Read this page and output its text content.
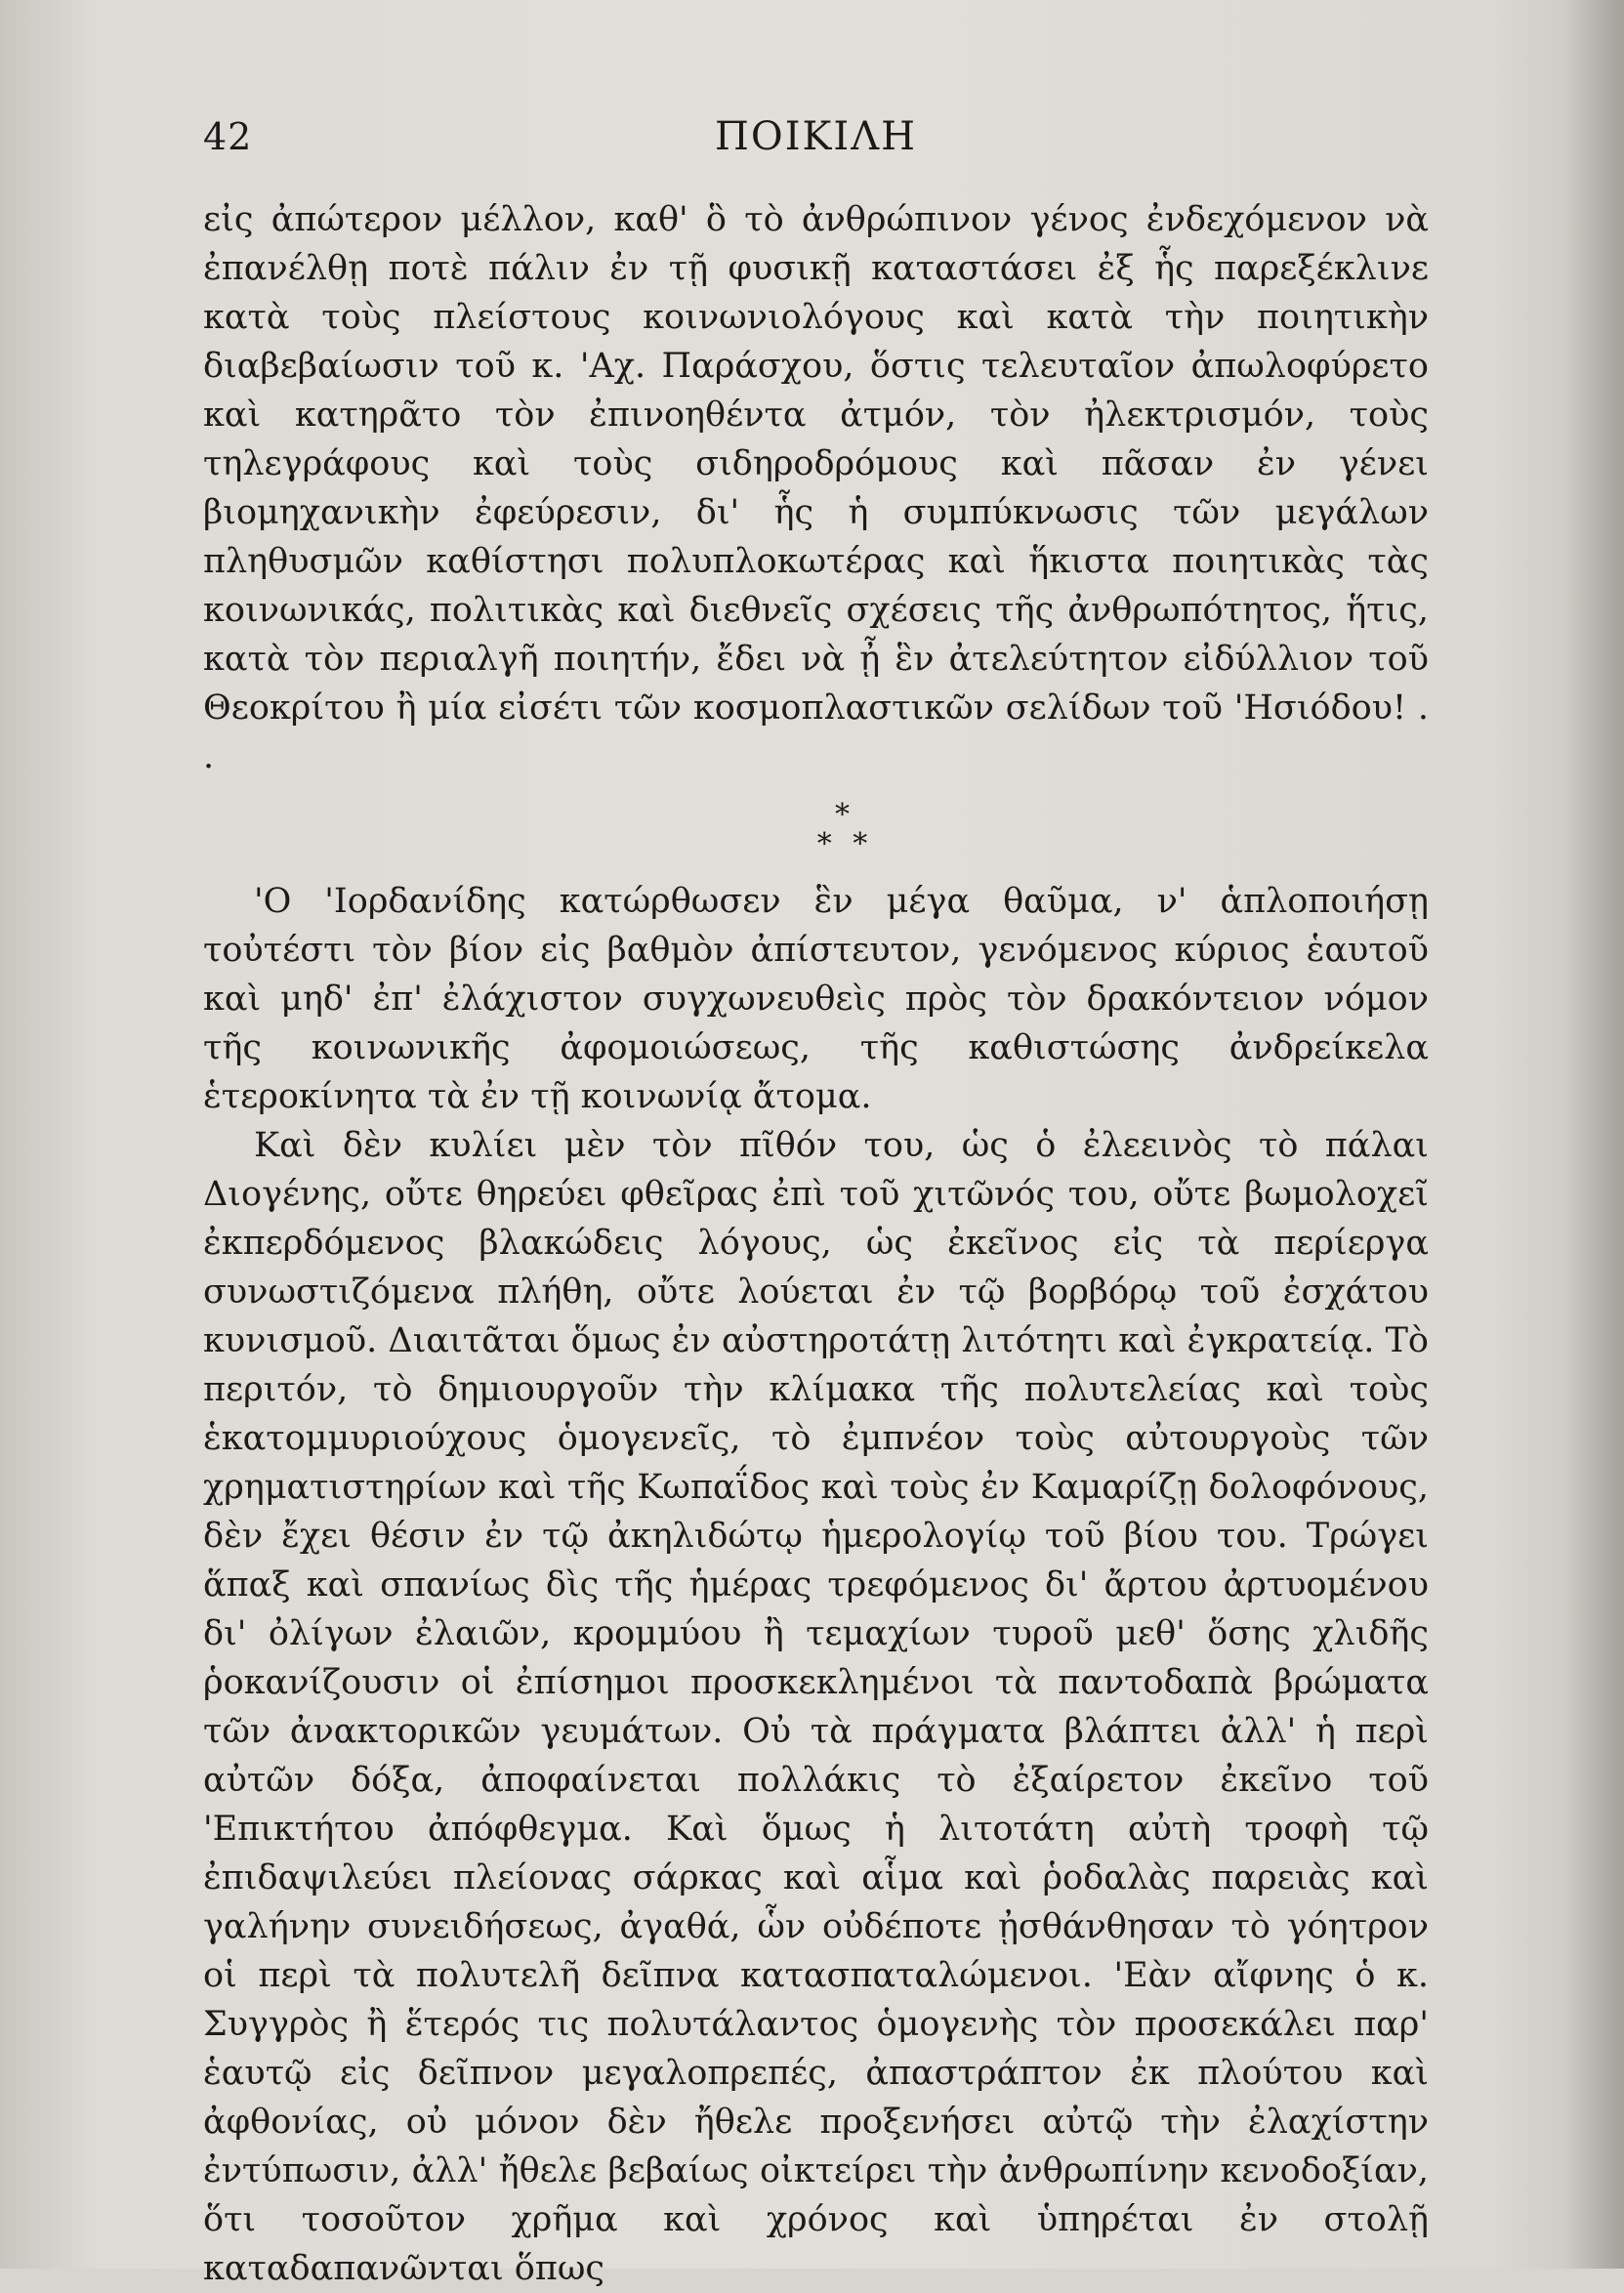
42	ΠΟΙΚΙΛΗ

εἰς ἀπώτερον μέλλον, καθ' ὃ τὸ ἀνθρώπινον γένος ἐνδεχόμενον νὰ ἐπανέλθῃ ποτὲ πάλιν ἐν τῇ φυσικῇ καταστάσει ἐξ ἧς παρεξέκλινε κατὰ τοὺς πλείστους κοινωνιολόγους καὶ κατὰ τὴν ποιητικὴν διαβεβαίωσιν τοῦ κ. 'Αχ. Παράσχου, ὅστις τελευταῖον ἀπωλοφύρετο καὶ κατηρᾶτο τὸν ἐπινοηθέντα ἀτμόν, τὸν ἠλεκτρισμόν, τοὺς τηλεγράφους καὶ τοὺς σιδηροδρόμους καὶ πᾶσαν ἐν γένει βιομηχανικὴν ἐφεύρεσιν, δι' ἧς ἡ συμπύκνωσις τῶν μεγάλων πληθυσμῶν καθίστησι πολυπλοκωτέρας καὶ ἥκιστα ποιητικὰς τὰς κοινωνικάς, πολιτικὰς καὶ διεθνεῖς σχέσεις τῆς ἀνθρωπότητος, ἥτις, κατὰ τὸν περιαλγῆ ποιητήν, ἔδει νὰ ᾖ ἓν ἀτελεύτητον εἰδύλλιον τοῦ Θεοκρίτου ἢ μία εἰσέτι τῶν κοσμοπλαστικῶν σελίδων τοῦ 'Ησιόδου! . .

*
* *

'Ο 'Ιορδανίδης κατώρθωσεν ἓν μέγα θαῦμα, ν' ἁπλοποιήσῃ τοὐτέστι τὸν βίον εἰς βαθμὸν ἀπίστευτον, γενόμενος κύριος ἑαυτοῦ καὶ μηδ' ἐπ' ἐλάχιστον συγχωνευθεὶς πρὸς τὸν δρακόντειον νόμον τῆς κοινωνικῆς ἀφομοιώσεως, τῆς καθιστώσης ἀνδρείκελα ἑτεροκίνητα τὰ ἐν τῇ κοινωνίᾳ ἄτομα.

Καὶ δὲν κυλίει μὲν τὸν πῖθόν του, ὡς ὁ ἐλεεινὸς τὸ πάλαι Διογένης, οὔτε θηρεύει φθεῖρας ἐπὶ τοῦ χιτῶνός του, οὔτε βωμολοχεῖ ἐκπερδόμενος βλακώδεις λόγους, ὡς ἐκεῖνος εἰς τὰ περίεργα συνωστιζόμενα πλήθη, οὔτε λούεται ἐν τῷ βορβόρῳ τοῦ ἐσχάτου κυνισμοῦ. Διαιτᾶται ὅμως ἐν αὐστηροτάτῃ λιτότητι καὶ ἐγκρατείᾳ. Τὸ περιτόν, τὸ δημιουργοῦν τὴν κλίμακα τῆς πολυτελείας καὶ τοὺς ἑκατομμυριούχους ὁμογενεῖς, τὸ ἐμπνέον τοὺς αὐτουργοὺς τῶν χρηματιστηρίων καὶ τῆς Κωπαΐδος καὶ τοὺς ἐν Καμαρίζῃ δολοφόνους, δὲν ἔχει θέσιν ἐν τῷ ἀκηλιδώτῳ ἡμερολογίῳ τοῦ βίου του. Τρώγει ἅπαξ καὶ σπανίως δὶς τῆς ἡμέρας τρεφόμενος δι' ἄρτου ἀρτυομένου δι' ὀλίγων ἐλαιῶν, κρομμύου ἢ τεμαχίων τυροῦ μεθ' ὅσης χλιδῆς ῥοκανίζουσιν οἱ ἐπίσημοι προσκεκλημένοι τὰ παντοδαπὰ βρώματα τῶν ἀνακτορικῶν γευμάτων. Οὐ τὰ πράγματα βλάπτει ἀλλ' ἡ περὶ αὐτῶν δόξα, ἀποφαίνεται πολλάκις τὸ ἐξαίρετον ἐκεῖνο τοῦ 'Επικτήτου ἀπόφθεγμα. Καὶ ὅμως ἡ λιτοτάτη αὐτὴ τροφὴ τῷ ἐπιδαψιλεύει πλείονας σάρκας καὶ αἷμα καὶ ῥοδαλὰς παρειὰς καὶ γαλήνην συνειδήσεως, ἀγαθά, ὧν οὐδέποτε ᾐσθάνθησαν τὸ γόητρον οἱ περὶ τὰ πολυτελῆ δεῖπνα κατασπαταλώμενοι. 'Εὰν αἴφνης ὁ κ. Συγγρὸς ἢ ἕτερός τις πολυτάλαντος ὁμογενὴς τὸν προσεκάλει παρ' ἑαυτῷ εἰς δεῖπνον μεγαλοπρεπές, ἀπαστράπτον ἐκ πλούτου καὶ ἀφθονίας, οὐ μόνον δὲν ἤθελε προξενήσει αὐτῷ τὴν ἐλαχίστην ἐντύπωσιν, ἀλλ' ἤθελε βεβαίως οἰκτείρει τὴν ἀνθρωπίνην κενοδοξίαν, ὅτι τοσοῦτον χρῆμα καὶ χρόνος καὶ ὑπηρέται ἐν στολῇ καταδαπανῶνται ὅπως
